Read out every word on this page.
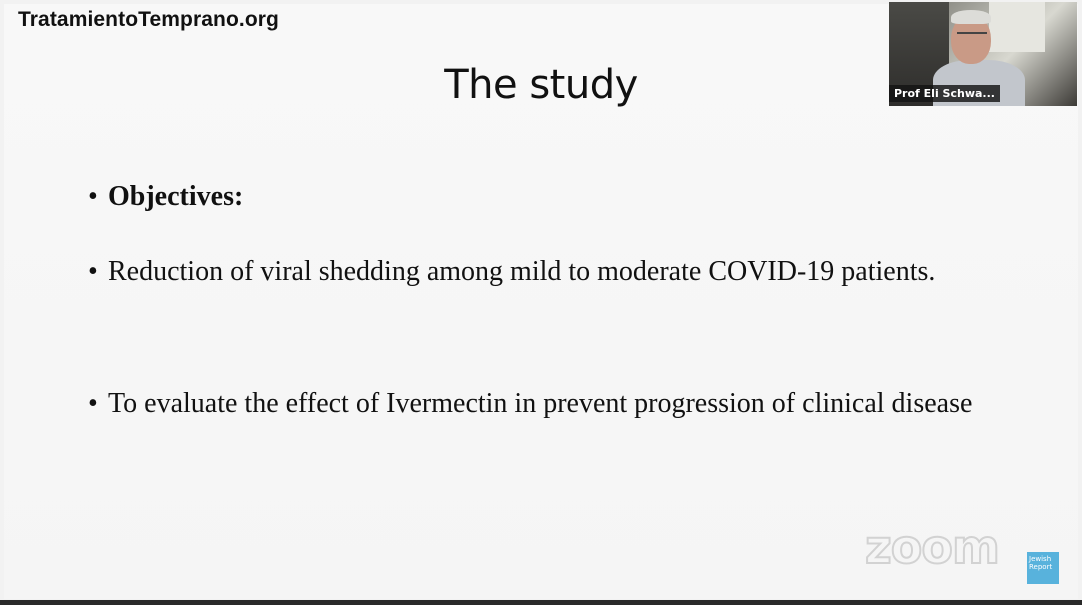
TratamientoTemprano.org
The study
• Objectives:
• Reduction of viral shedding among mild to moderate COVID-19 patients.
• To evaluate the effect of Ivermectin in prevent progression of clinical disease
Prof Eli Schwa...
zoom	Jewish Report
